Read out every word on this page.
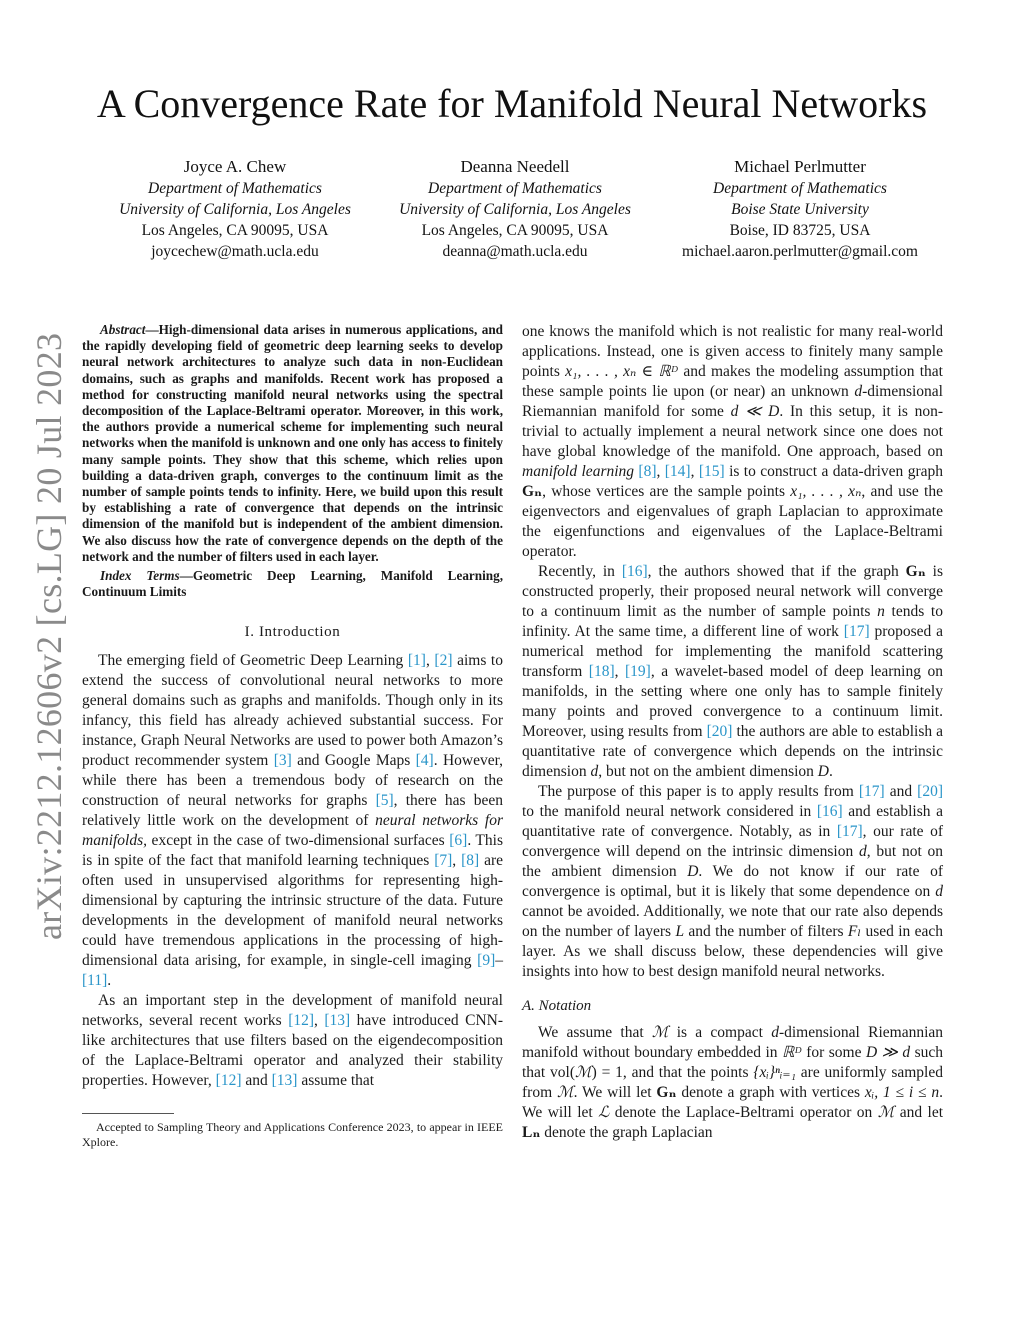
arXiv:2212.12606v2 [cs.LG] 20 Jul 2023
A Convergence Rate for Manifold Neural Networks
Joyce A. Chew
Department of Mathematics
University of California, Los Angeles
Los Angeles, CA 90095, USA
joycechew@math.ucla.edu
Deanna Needell
Department of Mathematics
University of California, Los Angeles
Los Angeles, CA 90095, USA
deanna@math.ucla.edu
Michael Perlmutter
Department of Mathematics
Boise State University
Boise, ID 83725, USA
michael.aaron.perlmutter@gmail.com

Abstract—High-dimensional data arises in numerous applications, and the rapidly developing field of geometric deep learning seeks to develop neural network architectures to analyze such data in non-Euclidean domains, such as graphs and manifolds. Recent work has proposed a method for constructing manifold neural networks using the spectral decomposition of the Laplace-Beltrami operator. Moreover, in this work, the authors provide a numerical scheme for implementing such neural networks when the manifold is unknown and one only has access to finitely many sample points. They show that this scheme, which relies upon building a data-driven graph, converges to the continuum limit as the number of sample points tends to infinity. Here, we build upon this result by establishing a rate of convergence that depends on the intrinsic dimension of the manifold but is independent of the ambient dimension. We also discuss how the rate of convergence depends on the depth of the network and the number of filters used in each layer.

Index Terms—Geometric Deep Learning, Manifold Learning, Continuum Limits

I. Introduction

The emerging field of Geometric Deep Learning [1], [2] aims to extend the success of convolutional neural networks to more general domains such as graphs and manifolds. Though only in its infancy, this field has already achieved substantial success. For instance, Graph Neural Networks are used to power both Amazon’s product recommender system [3] and Google Maps [4]. However, while there has been a tremendous body of research on the construction of neural networks for graphs [5], there has been relatively little work on the development of neural networks for manifolds, except in the case of two-dimensional surfaces [6]. This is in spite of the fact that manifold learning techniques [7], [8] are often used in unsupervised algorithms for representing high-dimensional by capturing the intrinsic structure of the data. Future developments in the development of manifold neural networks could have tremendous applications in the processing of high-dimensional data arising, for example, in single-cell imaging [9]–[11].

As an important step in the development of manifold neural networks, several recent works [12], [13] have introduced CNN-like architectures that use filters based on the eigendecomposition of the Laplace-Beltrami operator and analyzed their stability properties. However, [12] and [13] assume that

Accepted to Sampling Theory and Applications Conference 2023, to appear in IEEE Xplore.

one knows the manifold which is not realistic for many real-world applications. Instead, one is given access to finitely many sample points x₁, . . . , xₙ ∈ ℝᴰ and makes the modeling assumption that these sample points lie upon (or near) an unknown d-dimensional Riemannian manifold for some d ≪ D. In this setup, it is non-trivial to actually implement a neural network since one does not have global knowledge of the manifold. One approach, based on manifold learning [8], [14], [15] is to construct a data-driven graph Gₙ, whose vertices are the sample points x₁, . . . , xₙ, and use the eigenvectors and eigenvalues of graph Laplacian to approximate the eigenfunctions and eigenvalues of the Laplace-Beltrami operator.

Recently, in [16], the authors showed that if the graph Gₙ is constructed properly, their proposed neural network will converge to a continuum limit as the number of sample points n tends to infinity. At the same time, a different line of work [17] proposed a numerical method for implementing the manifold scattering transform [18], [19], a wavelet-based model of deep learning on manifolds, in the setting where one only has to sample finitely many points and proved convergence to a continuum limit. Moreover, using results from [20] the authors are able to establish a quantitative rate of convergence which depends on the intrinsic dimension d, but not on the ambient dimension D.

The purpose of this paper is to apply results from [17] and [20] to the manifold neural network considered in [16] and establish a quantitative rate of convergence. Notably, as in [17], our rate of convergence will depend on the intrinsic dimension d, but not on the ambient dimension D. We do not know if our rate of convergence is optimal, but it is likely that some dependence on d cannot be avoided. Additionally, we note that our rate also depends on the number of layers L and the number of filters Fₗ used in each layer. As we shall discuss below, these dependencies will give insights into how to best design manifold neural networks.

A. Notation

We assume that ℳ is a compact d-dimensional Riemannian manifold without boundary embedded in ℝᴰ for some D ≫ d such that vol(ℳ) = 1, and that the points {xᵢ}ⁿᵢ₌₁ are uniformly sampled from ℳ. We will let Gₙ denote a graph with vertices xᵢ, 1 ≤ i ≤ n. We will let ℒ denote the Laplace-Beltrami operator on ℳ and let Lₙ denote the graph Laplacian
